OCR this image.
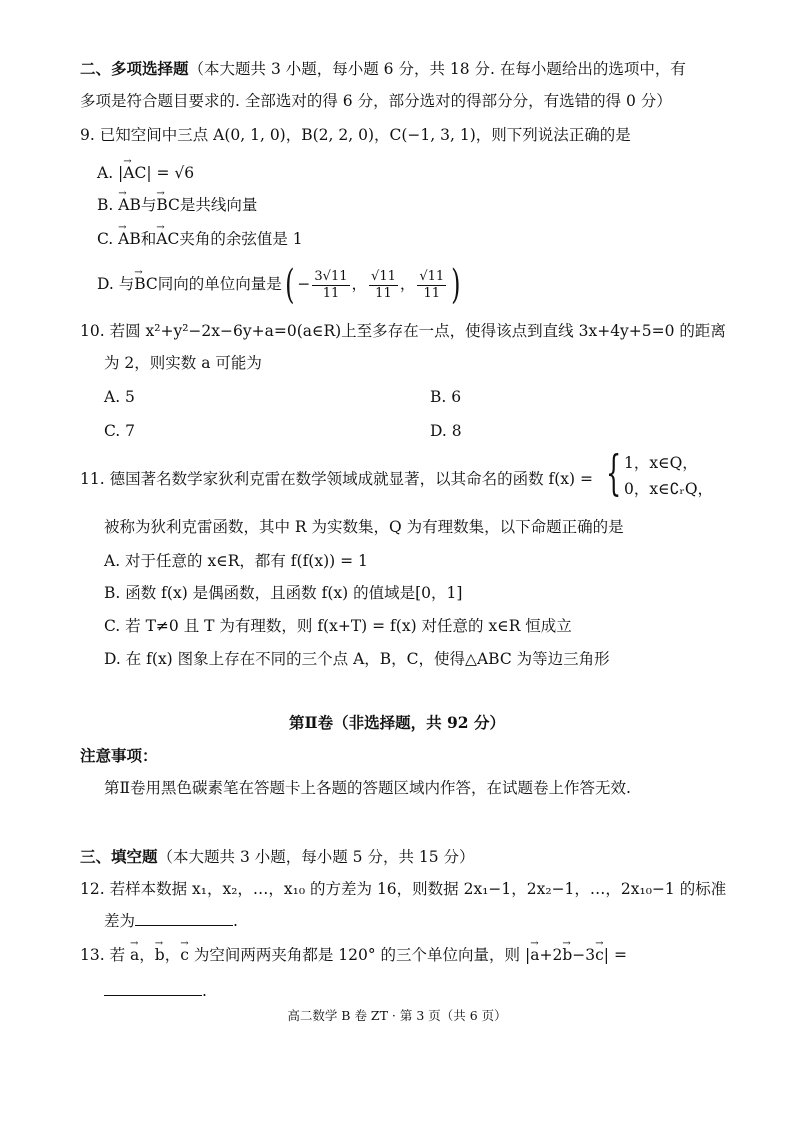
二、多项选择题（本大题共 3 小题，每小题 6 分，共 18 分. 在每小题给出的选项中，有
多项是符合题目要求的. 全部选对的得 6 分，部分选对的得部分分，有选错的得 0 分）
9. 已知空间中三点 A(0, 1, 0)，B(2, 2, 0)，C(−1, 3, 1)，则下列说法正确的是
A. |→ AC| = √6
B. → AB与→ BC是共线向量
C. → AB和→ AC夹角的余弦值是 1
D. 与→ BC同向的单位向量是( − $\frac{3√11}{11}$ ， $\frac{√11}{11}$ ， $\frac{√11}{11}$ )
10. 若圆 x²+y²−2x−6y+a=0(a∈R)上至多存在一点，使得该点到直线 3x+4y+5=0 的距离
为 2，则实数 a 可能为
A. 5	B. 6
C. 7	D. 8
11. 德国著名数学家狄利克雷在数学领域成就显著，以其命名的函数 f(x) = { 1，x∈Q，
0，x∈∁ᵣQ，
被称为狄利克雷函数，其中 R 为实数集，Q 为有理数集，以下命题正确的是
A. 对于任意的 x∈R，都有 f(f(x)) = 1
B. 函数 f(x) 是偶函数，且函数 f(x) 的值域是[0，1]
C. 若 T≠0 且 T 为有理数，则 f(x+T) = f(x) 对任意的 x∈R 恒成立
D. 在 f(x) 图象上存在不同的三个点 A，B，C，使得△ABC 为等边三角形
第Ⅱ卷（非选择题，共 92 分）
注意事项：
第Ⅱ卷用黑色碳素笔在答题卡上各题的答题区域内作答，在试题卷上作答无效.
三、填空题（本大题共 3 小题，每小题 5 分，共 15 分）
12. 若样本数据 x₁，x₂，…，x₁₀ 的方差为 16，则数据 2x₁−1，2x₂−1，…，2x₁₀−1 的标准
差为	.
13. 若 → a，→ b，→ c 为空间两两夹角都是 120° 的三个单位向量，则 |→ a+2→ b−3→ c| =
.
高二数学 B 卷 ZT · 第 3 页（共 6 页）
